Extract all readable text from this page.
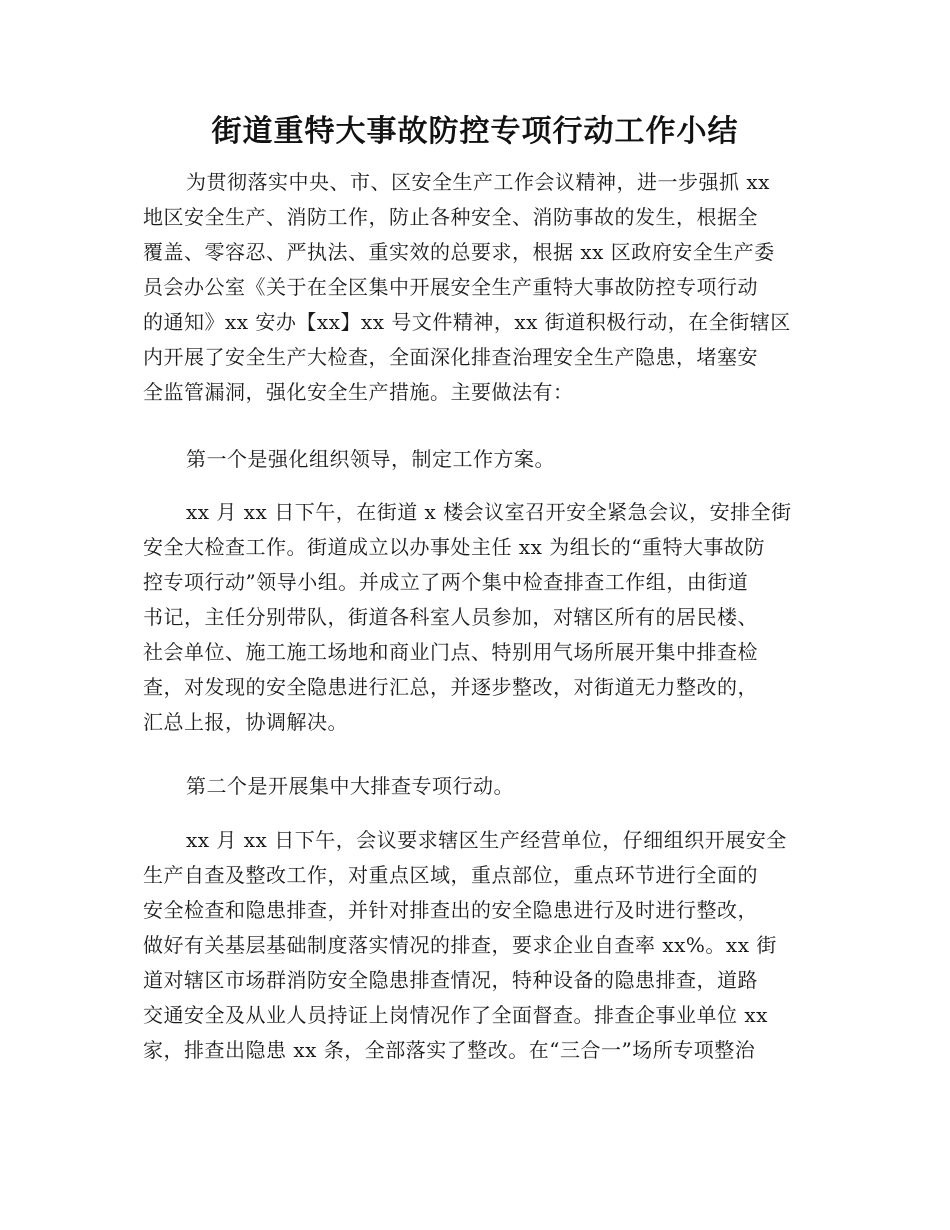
街道重特大事故防控专项行动工作小结
为贯彻落实中央、市、区安全生产工作会议精神，进一步强抓 xx
地区安全生产、消防工作，防止各种安全、消防事故的发生，根据全
覆盖、零容忍、严执法、重实效的总要求，根据 xx 区政府安全生产委
员会办公室《关于在全区集中开展安全生产重特大事故防控专项行动
的通知》xx 安办【xx】xx 号文件精神，xx 街道积极行动，在全街辖区
内开展了安全生产大检查，全面深化排查治理安全生产隐患，堵塞安
全监管漏洞，强化安全生产措施。主要做法有：
第一个是强化组织领导，制定工作方案。
xx 月 xx 日下午，在街道 x 楼会议室召开安全紧急会议，安排全街
安全大检查工作。街道成立以办事处主任 xx 为组长的“重特大事故防
控专项行动”领导小组。并成立了两个集中检查排查工作组，由街道
书记，主任分别带队，街道各科室人员参加，对辖区所有的居民楼、
社会单位、施工施工场地和商业门点、特别用气场所展开集中排查检
查，对发现的安全隐患进行汇总，并逐步整改，对街道无力整改的，
汇总上报，协调解决。
第二个是开展集中大排查专项行动。
xx 月 xx 日下午，会议要求辖区生产经营单位，仔细组织开展安全
生产自查及整改工作，对重点区域，重点部位，重点环节进行全面的
安全检查和隐患排查，并针对排查出的安全隐患进行及时进行整改，
做好有关基层基础制度落实情况的排查，要求企业自查率 xx%。xx 街
道对辖区市场群消防安全隐患排查情况，特种设备的隐患排查，道路
交通安全及从业人员持证上岗情况作了全面督查。排查企事业单位 xx
家，排查出隐患 xx 条，全部落实了整改。在“三合一”场所专项整治
